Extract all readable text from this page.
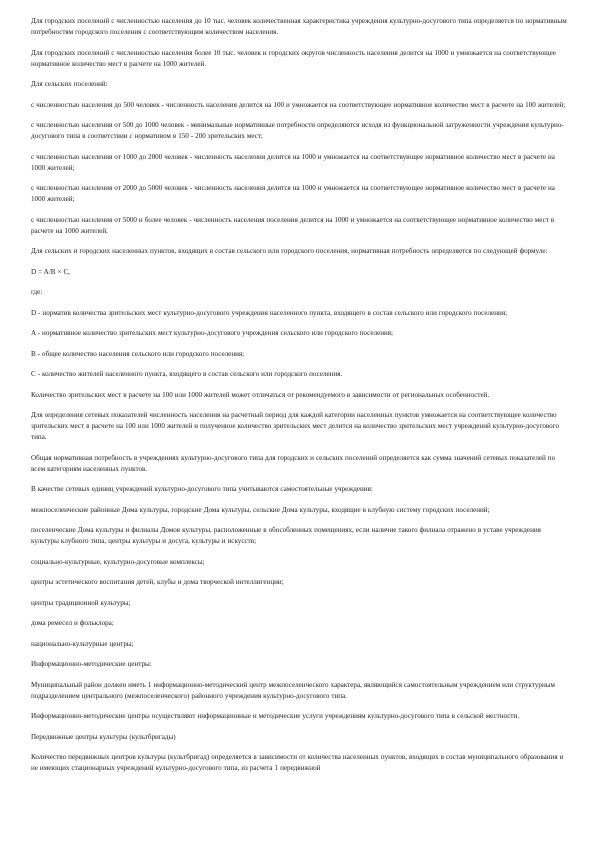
Для городских поселений с численностью населения до 10 тыс. человек количественная характеристика учреждения культурно-досугового типа определяется по нормативным потребностям городского поселения с соответствующим количеством населения.

Для городских поселений с численностью населения более 10 тыс. человек и городских округов численность населения делится на 1000 и умножается на соответствующее нормативное количество мест в расчете на 1000 жителей.

Для сельских поселений:

с численностью населения до 500 человек - численность населения делится на 100 и умножается на соответствующее нормативное количество мест в расчете на 100 жителей;

с численностью населения от 500 до 1000 человек - минимальные нормативные потребности определяются исходя из функциональной загруженности учреждения культурно-досугового типа в соответствии с нормативом в 150 - 200 зрительских мест;

с численностью населения от 1000 до 2000 человек - численность населения делится на 1000 и умножается на соответствующее нормативное количество мест в расчете на 1000 жителей;

с численностью населения от 2000 до 5000 человек - численность населения делится на 1000 и умножается на соответствующее нормативное количество мест в расчете на 1000 жителей;

с численностью населения от 5000 и более человек - численность населения поселения делится на 1000 и умножается на соответствующее нормативное количество мест в расчете на 1000 жителей.

Для сельских и городских населенных пунктов, входящих в состав сельского или городского поселения, нормативная потребность определяется по следующей формуле:

D = A/B × C,

где:

D - норматив количества зрительских мест культурно-досугового учреждения населенного пункта, входящего в состав сельского или городского поселения;

A - нормативное количество зрительских мест культурно-досугового учреждения сельского или городского поселения;

B - общее количество населения сельского или городского поселения;

C - количество жителей населенного пункта, входящего в состав сельского или городского поселения.

Количество зрительских мест в расчете на 100 или 1000 жителей может отличаться от рекомендуемого в зависимости от региональных особенностей.

Для определения сетевых показателей численность населения на расчетный период для каждой категории населенных пунктов умножается на соответствующее количество зрительских мест в расчете на 100 или 1000 жителей и полученное количество зрительских мест делится на количество зрительских мест учреждений культурно-досугового типа.

Общая нормативная потребность в учреждениях культурно-досугового типа для городских и сельских поселений определяется как сумма значений сетевых показателей по всем категориям населенных пунктов.

В качестве сетевых единиц учреждений культурно-досугового типа учитываются самостоятельные учреждения:

межпоселенческие районные Дома культуры, городские Дома культуры, сельские Дома культуры, входящие в клубную систему городских поселений;

поселенческие Дома культуры и филиалы Домов культуры, расположенные в обособленных помещениях, если наличие такого филиала отражено в уставе учреждения культуры клубного типа, центры культуры и досуга, культуры и искусств;

социально-культурные, культурно-досуговые комплексы;

центры эстетического воспитания детей, клубы и дома творческой интеллигенции;

центры традиционной культуры;

дома ремесел и фольклора;

национально-культурные центры;

Информационно-методические центры:

Муниципальный район должен иметь 1 информационно-методический центр межпоселенческого характера, являющийся самостоятельным учреждением или структурным подразделением центрального (межпоселенческого) районного учреждения культурно-досугового типа.

Информационно-методические центры осуществляют информационные и методические услуги учреждениям культурно-досугового типа в сельской местности.

Передвижные центры культуры (культбригады)

Количество передвижных центров культуры (культбригад) определяется в зависимости от количества населенных пунктов, входящих в состав муниципального образования и не имеющих стационарных учреждений культурно-досугового типа, из расчета 1 передвижной
